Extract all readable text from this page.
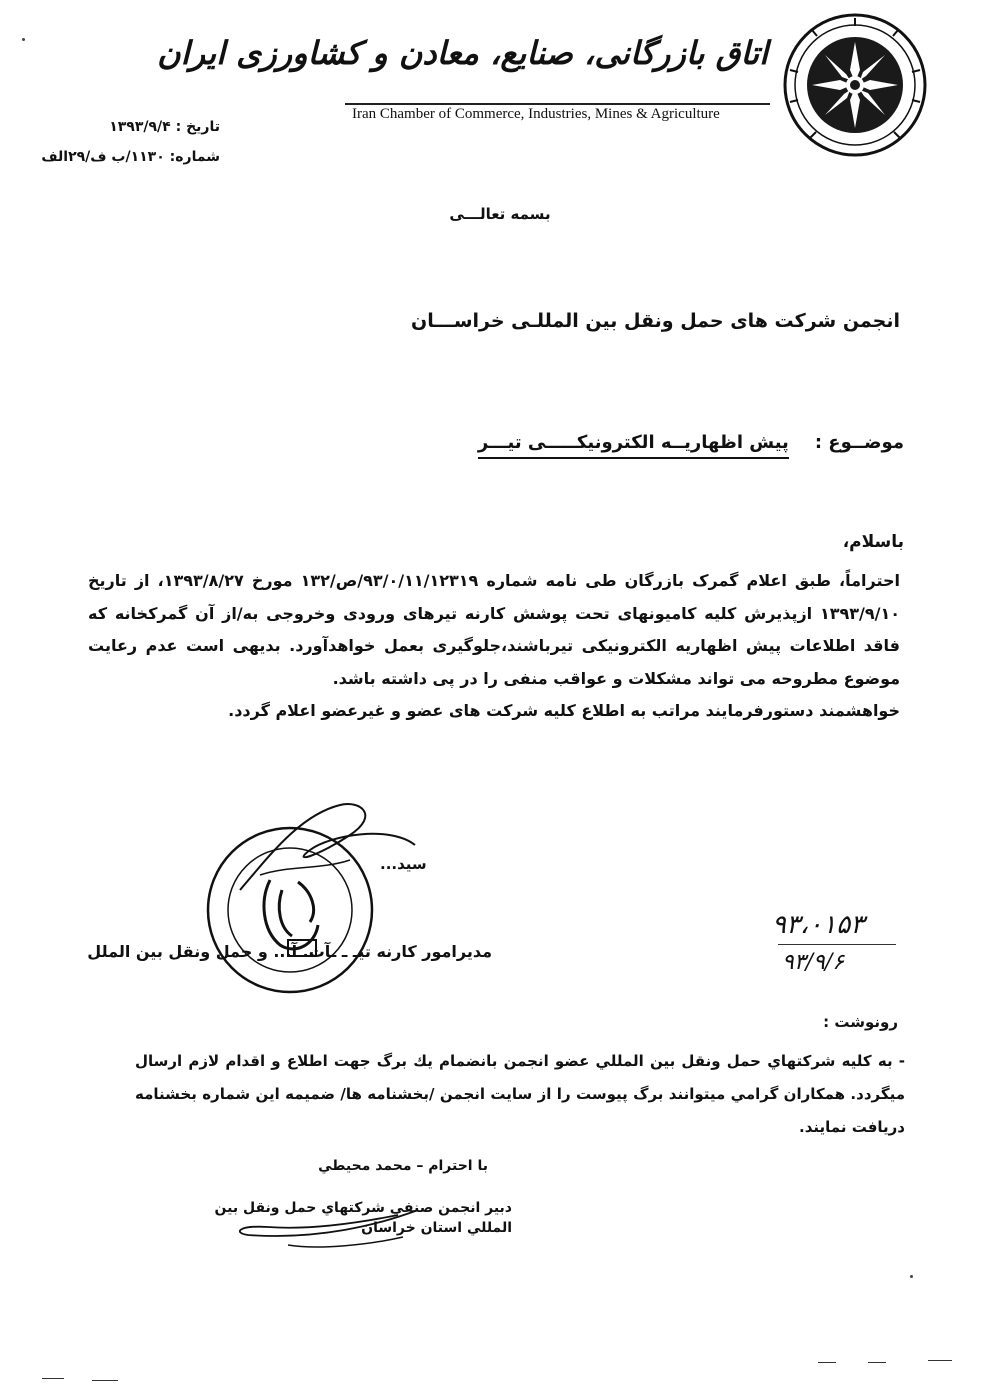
اتاق بازرگانی، صنایع، معادن و کشاورزی ایران
Iran Chamber of Commerce, Industries, Mines & Agriculture
تاریخ : ۱۳۹۳/۹/۴
شماره: ۱۱۳۰/ب ف/۲۹الف
بسمه تعالـــی
انجمن شرکت های حمل ونقل بین المللـی خراســـان
موضــوع :
پیش اظهاریــه الکترونیکـــــی تیـــر
باسلام،

احتراماً، طبق اعلام گمرک بازرگان طی نامه شماره ۹۳/۰/۱۱/۱۲۳۱۹/ص/۱۳۲ مورخ ۱۳۹۳/۸/۲۷، از تاریخ ۱۳۹۳/۹/۱۰ ازپذیرش کلیه کامیونهای تحت پوشش کارنه تیرهای ورودی وخروجی به/از آن گمرکخانه که فاقد اطلاعات پیش اظهاریه الکترونیکی تیرباشند،جلوگیری بعمل خواهدآورد. بدیهی است عدم رعایت موضوع مطروحه می تواند مشکلات و عواقب منفی را در پی داشته باشد.

خواهشمند دستورفرمایند مراتب به اطلاع کلیه شرکت های عضو و غیرعضو اعلام گردد.

سید...
مدیرامور کارنه تیـ ـ ـآت. آ... و حمل ونقل بین الملل
۹۳،۰۱۵۳
۹۳/۹/۶
رونوشت :
- به کلیه شرکتهاي حمل ونقل بین المللي عضو انجمن بانضمام یك برگ جهت اطلاع و اقدام لازم ارسال میگردد. همکاران گرامي میتوانند برگ پیوست را از سایت انجمن /بخشنامه ها/ ضمیمه این شماره بخشنامه دریافت نمایند.
با احترام – محمد محیطي
دبیر انجمن صنفي شرکتهاي حمل ونقل بین المللي استان خراسان
